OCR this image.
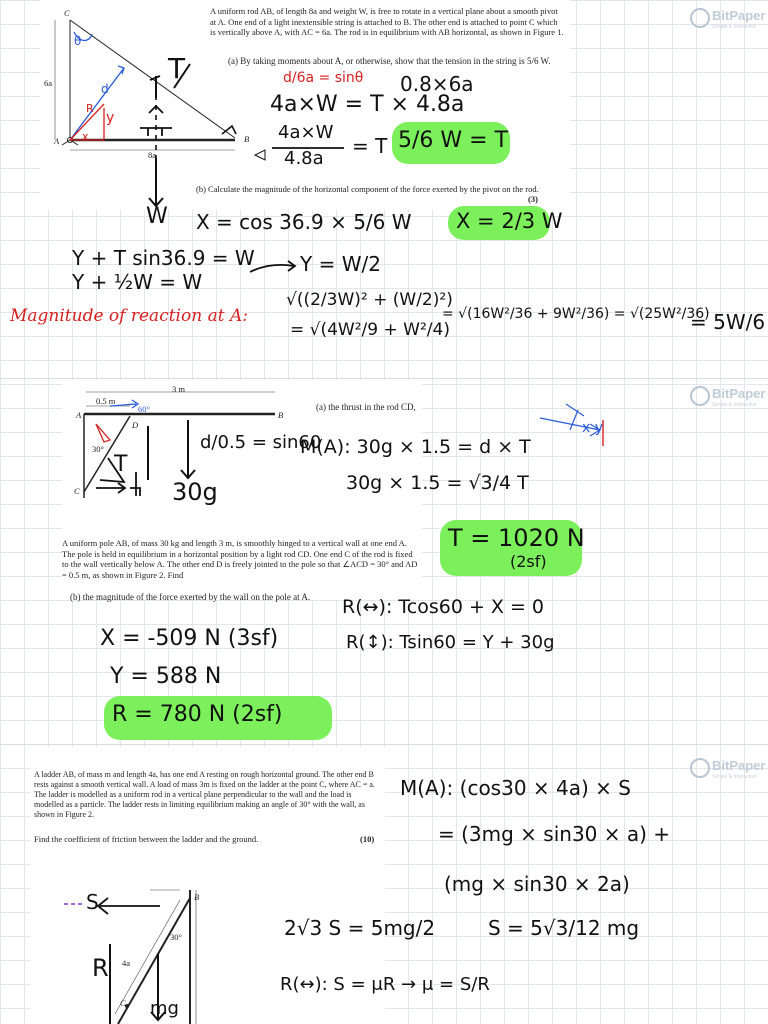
BitPaper
Simple & Interactive
C
A	B
6a
8a
θ
d
x
y
R
T
W
A uniform rod AB, of length 8a and weight W, is free to rotate in a vertical plane about a smooth pivot at A. One end of a light inextensible string is attached to B. The other end is attached to point C which is vertically above A, with AC = 6a. The rod is in equilibrium with AB horizontal, as shown in Figure 1.
(a) By taking moments about A, or otherwise, show that the tension in the string is 5/6 W.
d/6a = sinθ 0.8×6a
4a×W = T × 4.8a
4a×W
4.8a
= T 5/6 W = T
(b) Calculate the magnitude of the horizontal component of the force exerted by the pivot on the rod.
(3)
X = cos 36.9 × 5/6 W X = 2/3 W
Y + T sin36.9 = W
Y + ½W = W
Y = W/2
Magnitude of reaction at A:
√((2/3W)² + (W/2)²)
= √(4W²/9 + W²/4)
= √(16W²/36 + 9W²/36) = √(25W²/36)
= 5W/6
BitPaper
Simple & Interactive
3 m
0.5 m
60°
A	B
D
30°
C
T
30g
(a) the thrust in the rod CD,
d/0.5 = sin60
M(A): 30g × 1.5 = d × T
30g × 1.5 = √3/4 T
A uniform pole AB, of mass 30 kg and length 3 m, is smoothly hinged to a vertical wall at one end A. The pole is held in equilibrium in a horizontal position by a light rod CD. One end C of the rod is fixed to the wall vertically below A. The other end D is freely jointed to the pole so that ∠ACD = 30° and AD = 0.5 m, as shown in Figure 2. Find
T = 1020 N
(2sf)
(b) the magnitude of the force exerted by the wall on the pole at A.	R(↔): Tcos60 + X = 0
R(↕): Tsin60 = Y + 30g
X = -509 N (3sf)
Y = 588 N
R = 780 N (2sf)
x y
BitPaper
Simple & Interactive
A ladder AB, of mass m and length 4a, has one end A resting on rough horizontal ground. The other end B rests against a smooth vertical wall. A load of mass 3m is fixed on the ladder at the point C, where AC = a. The ladder is modelled as a uniform rod in a vertical plane perpendicular to the wall and the load is modelled as a particle. The ladder rests in limiting equilibrium making an angle of 30° with the wall, as shown in Figure 2.
Find the coefficient of friction between the ladder and the ground.	(10)
S	B
30°
4a
R
C mg
M(A): (cos30 × 4a) × S
= (3mg × sin30 × a) +
(mg × sin30 × 2a)
2√3 S = 5mg/2	S = 5√3/12 mg
R(↔): S = μR → μ = S/R
